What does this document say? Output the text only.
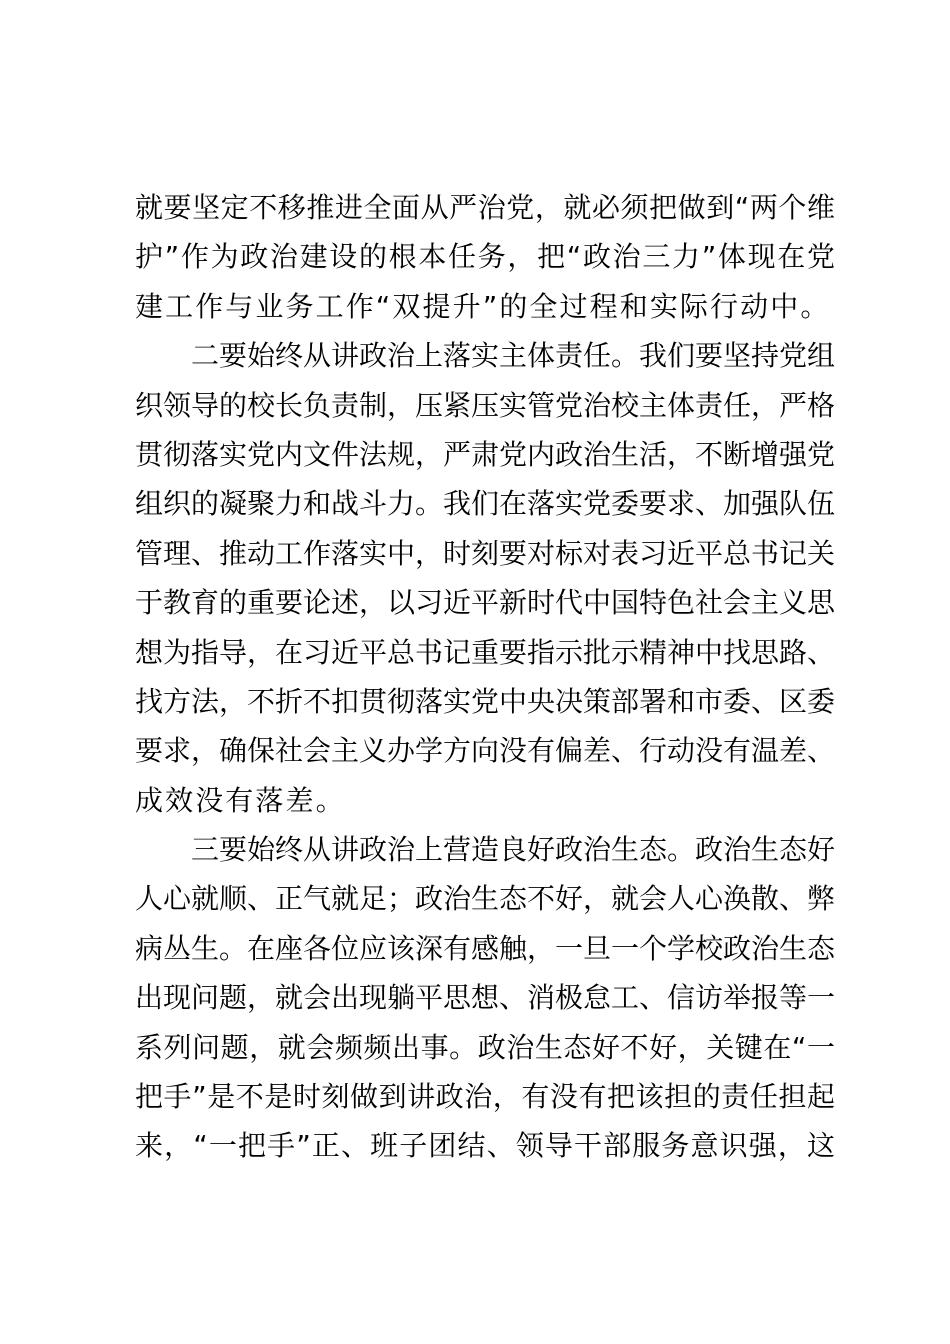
就要坚定不移推进全面从严治党，就必须把做到“两个维
护”作为政治建设的根本任务，把“政治三力”体现在党
建工作与业务工作“双提升”的全过程和实际行动中。
　　二要始终从讲政治上落实主体责任。我们要坚持党组
织领导的校长负责制，压紧压实管党治校主体责任，严格
贯彻落实党内文件法规，严肃党内政治生活，不断增强党
组织的凝聚力和战斗力。我们在落实党委要求、加强队伍
管理、推动工作落实中，时刻要对标对表习近平总书记关
于教育的重要论述，以习近平新时代中国特色社会主义思
想为指导，在习近平总书记重要指示批示精神中找思路、
找方法，不折不扣贯彻落实党中央决策部署和市委、区委
要求，确保社会主义办学方向没有偏差、行动没有温差、
成效没有落差。
　　三要始终从讲政治上营造良好政治生态。政治生态好
人心就顺、正气就足；政治生态不好，就会人心涣散、弊
病丛生。在座各位应该深有感触，一旦一个学校政治生态
出现问题，就会出现躺平思想、消极怠工、信访举报等一
系列问题，就会频频出事。政治生态好不好，关键在“一
把手”是不是时刻做到讲政治，有没有把该担的责任担起
来，“一把手”正、班子团结、领导干部服务意识强，这
